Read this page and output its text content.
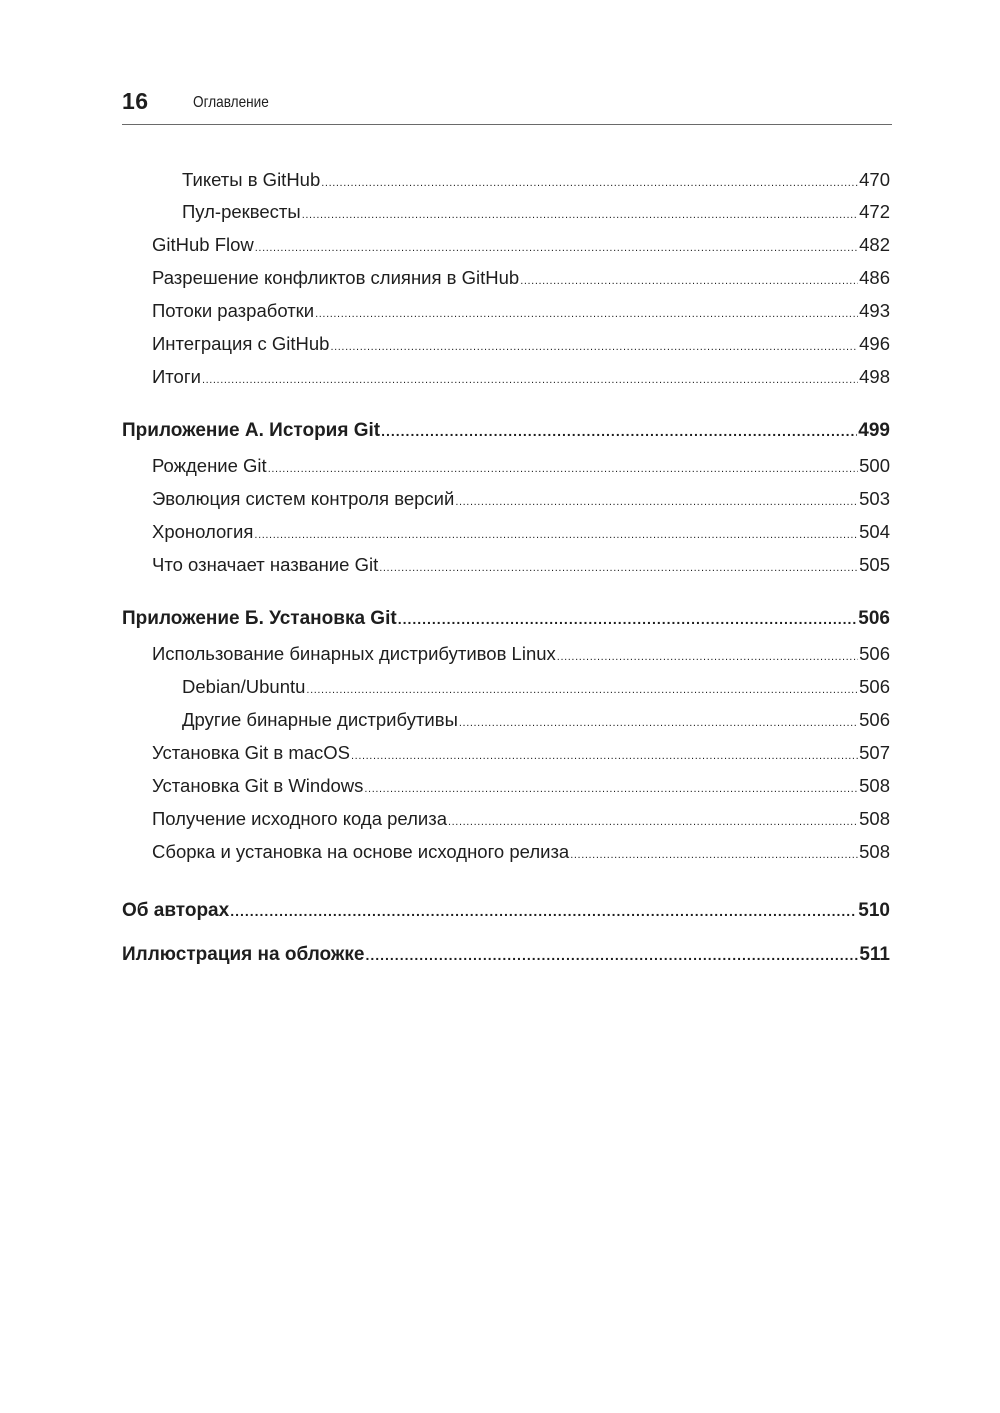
16	Оглавление
Тикеты в GitHub .....	470
Пул-реквесты .....	472
GitHub Flow .....	482
Разрешение конфликтов слияния в GitHub .....	486
Потоки разработки .....	493
Интеграция с GitHub .....	496
Итоги .....	498
Приложение А. История Git .....	499
Рождение Git .....	500
Эволюция систем контроля версий .....	503
Хронология .....	504
Что означает название Git .....	505
Приложение Б. Установка Git .....	506
Использование бинарных дистрибутивов Linux .....	506
Debian/Ubuntu .....	506
Другие бинарные дистрибутивы .....	506
Установка Git в macOS .....	507
Установка Git в Windows .....	508
Получение исходного кода релиза .....	508
Сборка и установка на основе исходного релиза .....	508
Об авторах .....	510
Иллюстрация на обложке .....	511
